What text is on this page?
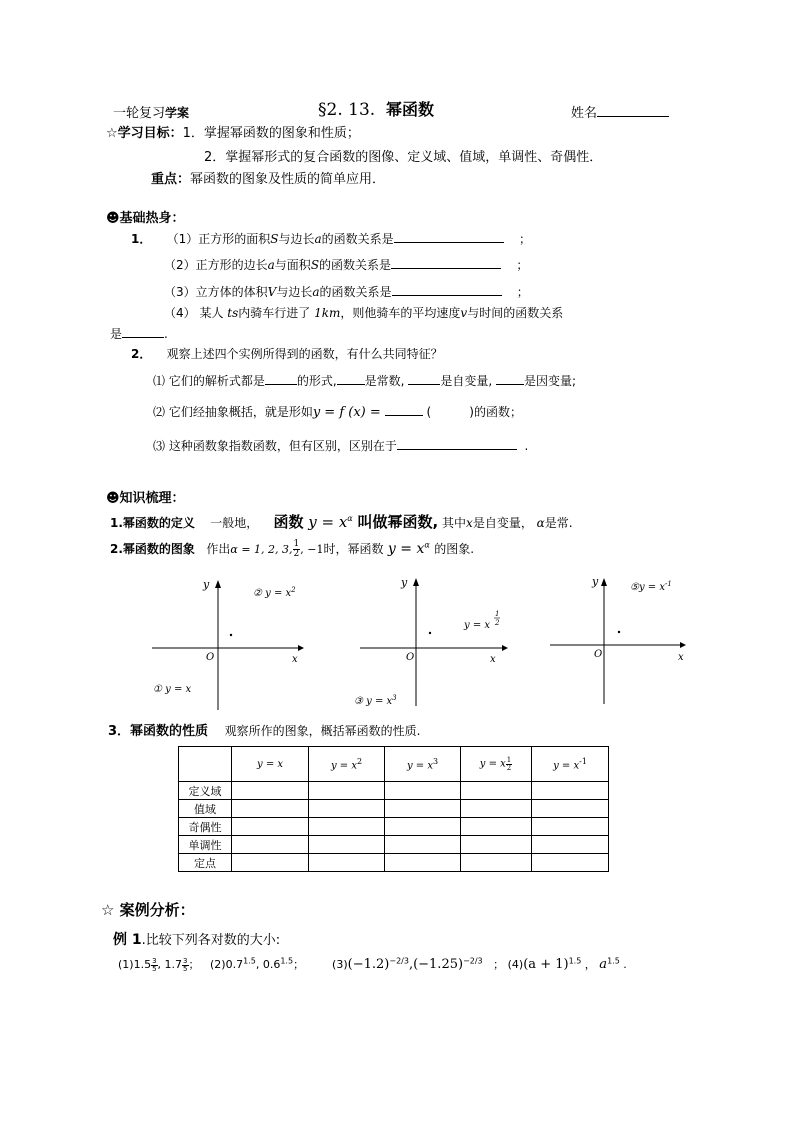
一轮复习学案	§2. 13. 幂函数	姓名
☆学习目标：1．掌握幂函数的图象和性质；
2．掌握幂形式的复合函数的图像、定义域、值域，单调性、奇偶性．
重点：幂函数的图象及性质的简单应用．
☻基础热身：
1． （1）正方形的面积S与边长a的函数关系是	；
（2）正方形的边长a与面积S的函数关系是	；
（3）立方体的体积V与边长a的函数关系是	；
（4） 某人 ts内骑车行进了 1km，则他骑车的平均速度v与时间的函数关系
是	.
2． 观察上述四个实例所得到的函数，有什么共同特征？
⑴ 它们的解析式都是	的形式, 是常数,	是自变量,	是因变量;
⑵ 它们经抽象概括，就是形如y = f (x) =	(	)的函数；
⑶ 这种函数象指数函数，但有区别，区别在于	.
☻知识梳理：
1.幂函数的定义 一般地， 函数 $y = x^\alpha$ 叫做幂函数, 其中x是自变量， α是常.
2.幂函数的图象 作出α = 1, 2, 3, $\frac{1}{2}$ , −1时，幂函数 $y = x^\alpha$ 的图象.
y
x
O
② $y = x^2$
① y = x
y
x
O
y = x
1
2
③ $y = x^3$
y
x
O
⑤y = $x^{-1}$
3．幂函数的性质 观察所作的图象，概括幂函数的性质.
	y = x	$y = x^2$	$y = x^3$	y = x $\frac{1}{2}$	$y = x^{-1}$
定义域					
值域					
奇偶性					
单调性					
定点					
☆ 案例分析：
例 1.比较下列各对数的大小:
$(1)1.5 \frac{3}{5}$ , $1.7 \frac{3}{5}$ ； $(2)0.7^{1.5}$, $0.6^{1.5}$；	$(3)(-1.2)^{-2/3},(-1.25)^{-2/3}$ ； $(4)(a + 1)^{1.5}$ ， $a^{1.5}$ .
